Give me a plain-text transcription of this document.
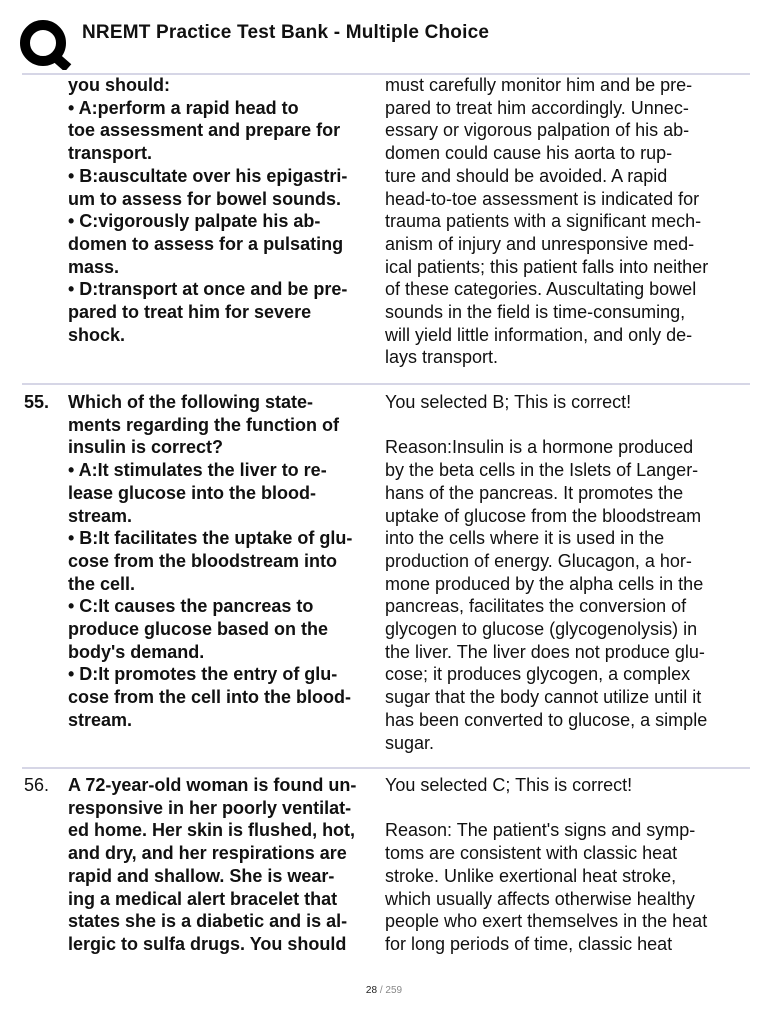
NREMT Practice Test Bank - Multiple Choice
you should:
• A:perform a rapid head to
toe assessment and prepare for
transport.
• B:auscultate over his epigastri-
um to assess for bowel sounds.
• C:vigorously palpate his ab-
domen to assess for a pulsating
mass.
• D:transport at once and be pre-
pared to treat him for severe
shock.
must carefully monitor him and be pre-
pared to treat him accordingly. Unnec-
essary or vigorous palpation of his ab-
domen could cause his aorta to rup-
ture and should be avoided. A rapid
head-to-toe assessment is indicated for
trauma patients with a significant mech-
anism of injury and unresponsive med-
ical patients; this patient falls into neither
of these categories. Auscultating bowel
sounds in the field is time-consuming,
will yield little information, and only de-
lays transport.
55. Which of the following state-
ments regarding the function of
insulin is correct?
• A:It stimulates the liver to re-
lease glucose into the blood-
stream.
• B:It facilitates the uptake of glu-
cose from the bloodstream into
the cell.
• C:It causes the pancreas to
produce glucose based on the
body's demand.
• D:It promotes the entry of glu-
cose from the cell into the blood-
stream.
You selected B; This is correct!

Reason:Insulin is a hormone produced
by the beta cells in the Islets of Langer-
hans of the pancreas. It promotes the
uptake of glucose from the bloodstream
into the cells where it is used in the
production of energy. Glucagon, a hor-
mone produced by the alpha cells in the
pancreas, facilitates the conversion of
glycogen to glucose (glycogenolysis) in
the liver. The liver does not produce glu-
cose; it produces glycogen, a complex
sugar that the body cannot utilize until it
has been converted to glucose, a simple
sugar.
56. A 72-year-old woman is found un-
responsive in her poorly ventilat-
ed home. Her skin is flushed, hot,
and dry, and her respirations are
rapid and shallow. She is wear-
ing a medical alert bracelet that
states she is a diabetic and is al-
lergic to sulfa drugs. You should
You selected C; This is correct!

Reason: The patient's signs and symp-
toms are consistent with classic heat
stroke. Unlike exertional heat stroke,
which usually affects otherwise healthy
people who exert themselves in the heat
for long periods of time, classic heat
28 / 259
